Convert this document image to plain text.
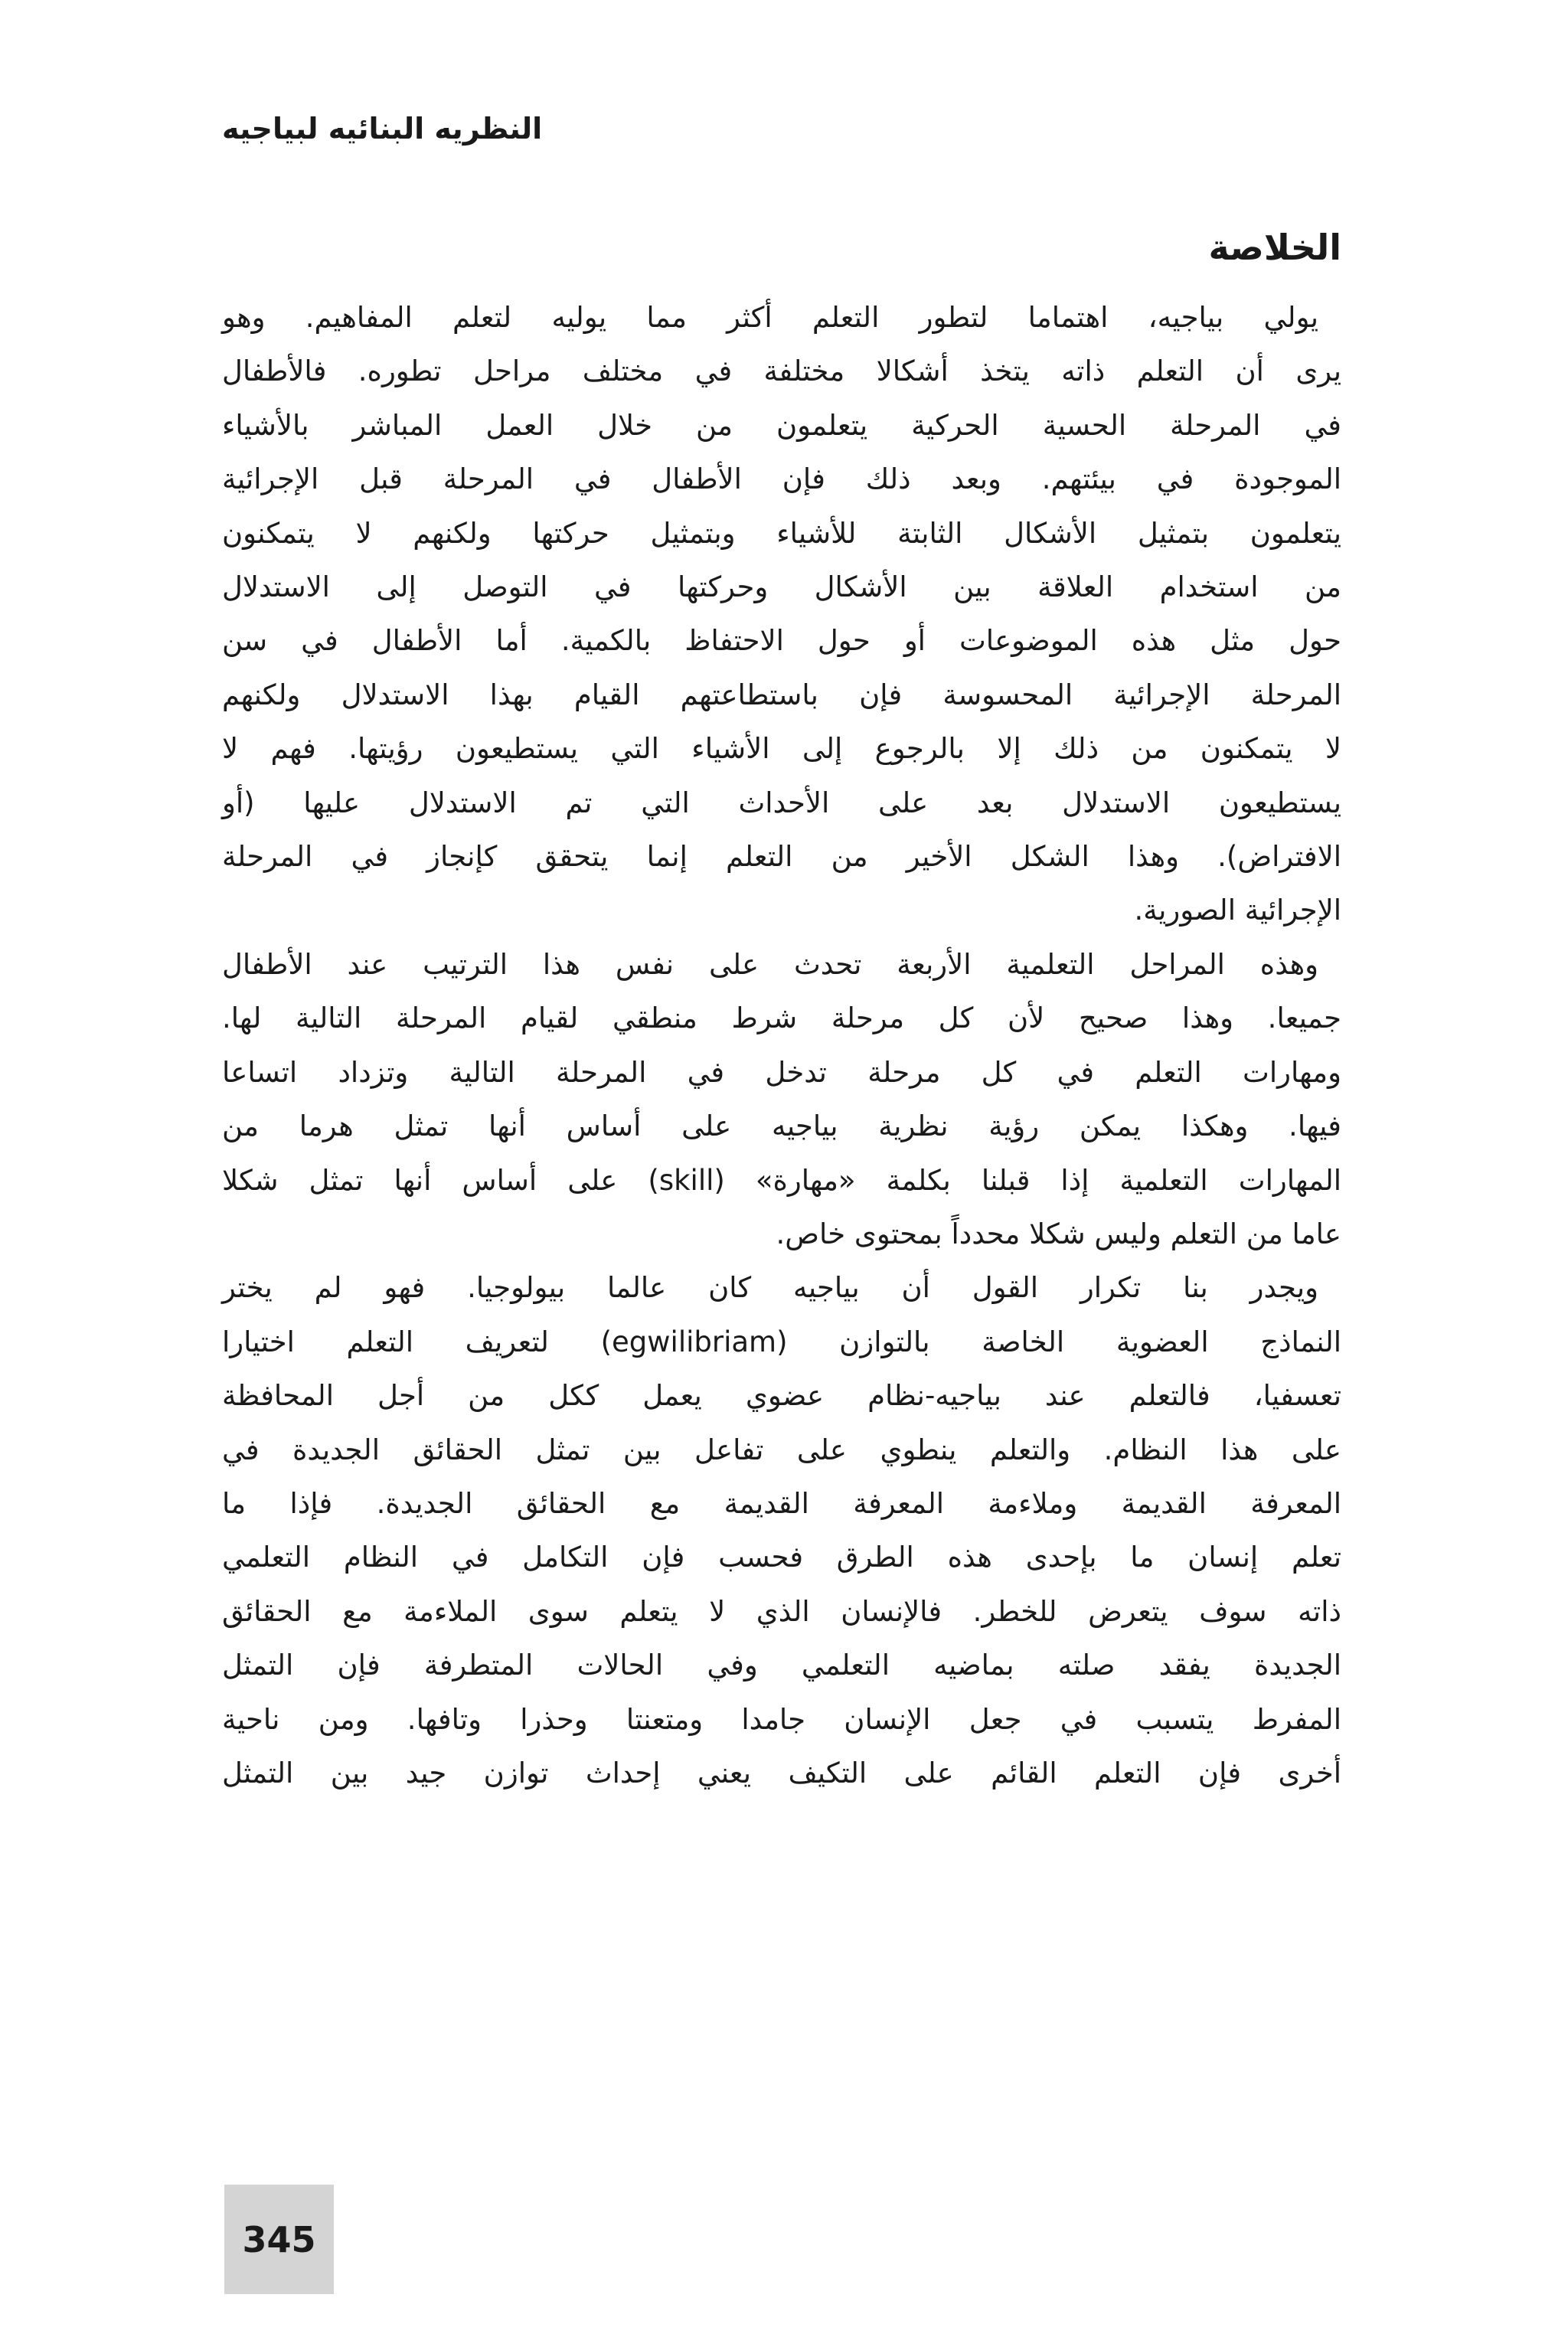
النظريه البنائيه لبياجيه
الخلاصة

يولي بياجيه، اهتماما لتطور التعلم أكثر مما يوليه لتعلم المفاهيم. وهو
يرى أن التعلم ذاته يتخذ أشكالا مختلفة في مختلف مراحل تطوره. فالأطفال
في المرحلة الحسية الحركية يتعلمون من خلال العمل المباشر بالأشياء
الموجودة في بيئتهم. وبعد ذلك فإن الأطفال في المرحلة قبل الإجرائية
يتعلمون بتمثيل الأشكال الثابتة للأشياء وبتمثيل حركتها ولكنهم لا يتمكنون
من استخدام العلاقة بين الأشكال وحركتها في التوصل إلى الاستدلال
حول مثل هذه الموضوعات أو حول الاحتفاظ بالكمية. أما الأطفال في سن
المرحلة الإجرائية المحسوسة فإن باستطاعتهم القيام بهذا الاستدلال ولكنهم
لا يتمكنون من ذلك إلا بالرجوع إلى الأشياء التي يستطيعون رؤيتها. فهم لا
يستطيعون الاستدلال بعد على الأحداث التي تم الاستدلال عليها (أو
الافتراض). وهذا الشكل الأخير من التعلم إنما يتحقق كإنجاز في المرحلة
الإجرائية الصورية.

وهذه المراحل التعلمية الأربعة تحدث على نفس هذا الترتيب عند الأطفال
جميعا. وهذا صحيح لأن كل مرحلة شرط منطقي لقيام المرحلة التالية لها.
ومهارات التعلم في كل مرحلة تدخل في المرحلة التالية وتزداد اتساعا
فيها. وهكذا يمكن رؤية نظرية بياجيه على أساس أنها تمثل هرما من
المهارات التعلمية إذا قبلنا بكلمة «مهارة» (skill) على أساس أنها تمثل شكلا
عاما من التعلم وليس شكلا محدداً بمحتوى خاص.

ويجدر بنا تكرار القول أن بياجيه كان عالما بيولوجيا. فهو لم يختر
النماذج العضوية الخاصة بالتوازن (egwilibriam) لتعريف التعلم اختيارا
تعسفيا، فالتعلم عند بياجيه-نظام عضوي يعمل ككل من أجل المحافظة
على هذا النظام. والتعلم ينطوي على تفاعل بين تمثل الحقائق الجديدة في
المعرفة القديمة وملاءمة المعرفة القديمة مع الحقائق الجديدة. فإذا ما
تعلم إنسان ما بإحدى هذه الطرق فحسب فإن التكامل في النظام التعلمي
ذاته سوف يتعرض للخطر. فالإنسان الذي لا يتعلم سوى الملاءمة مع الحقائق
الجديدة يفقد صلته بماضيه التعلمي وفي الحالات المتطرفة فإن التمثل
المفرط يتسبب في جعل الإنسان جامدا ومتعنتا وحذرا وتافها. ومن ناحية
أخرى فإن التعلم القائم على التكيف يعني إحداث توازن جيد بين التمثل

345
